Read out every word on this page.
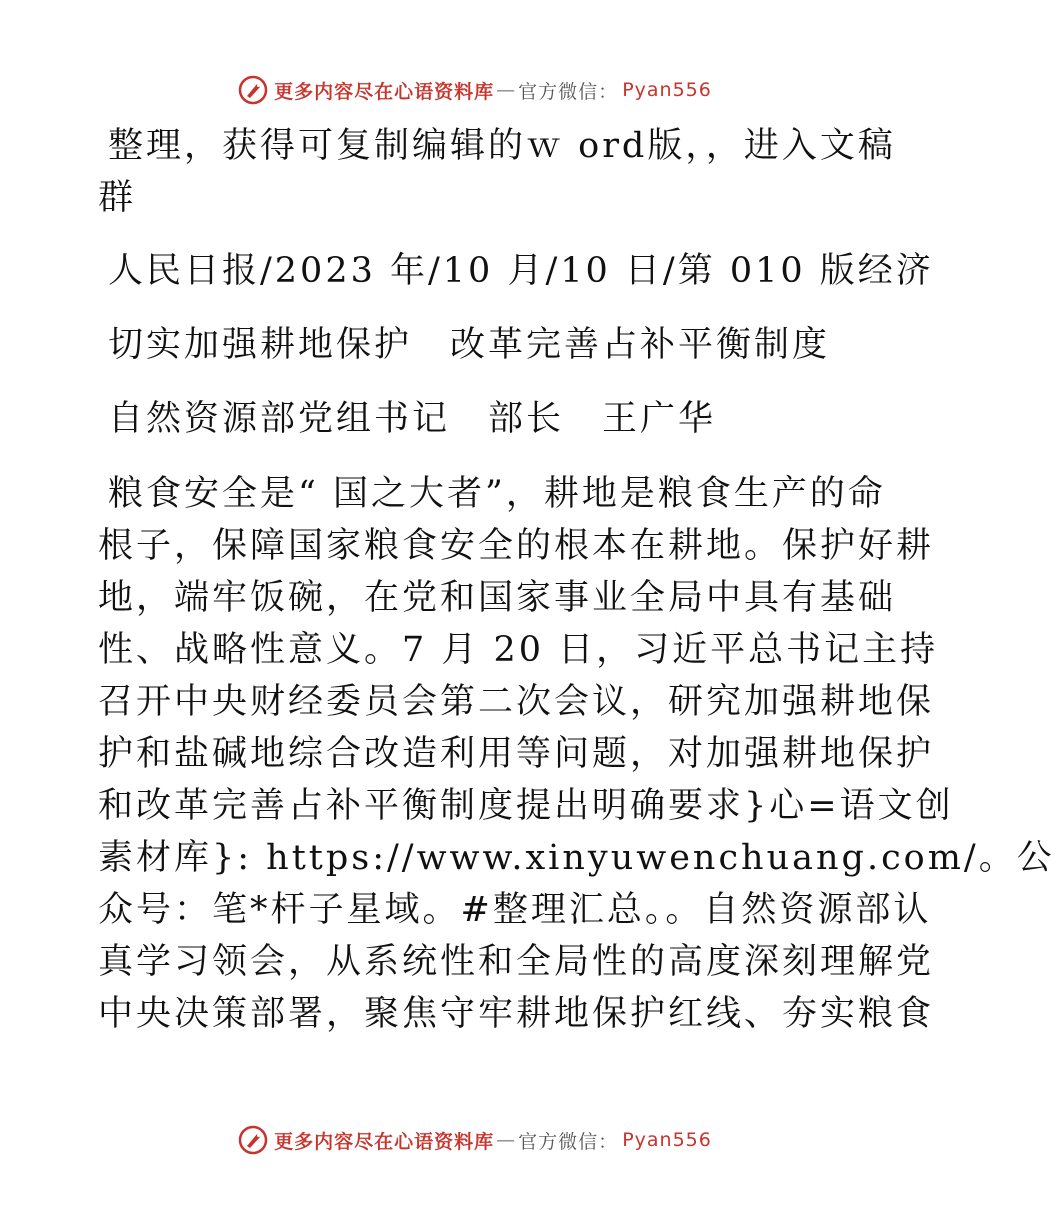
更多内容尽在心语资料库 — 官方微信： Pyan556
整理，获得可复制编辑的ｗ ord版，，进入文稿
群
人民日报/2023 年/10 月/10 日/第 010 版经济
切实加强耕地保护　改革完善占补平衡制度
自然资源部党组书记　部长　王广华
粮食安全是“ 国之大者”，耕地是粮食生产的命
根子，保障国家粮食安全的根本在耕地。保护好耕
地，端牢饭碗，在党和国家事业全局中具有基础
性、战略性意义。7 月 20 日，习近平总书记主持
召开中央财经委员会第二次会议，研究加强耕地保
护和盐碱地综合改造利用等问题，对加强耕地保护
和改革完善占补平衡制度提出明确要求}心=语文创
素材库}: https://www.xinyuwenchuang.com/。公
众号：笔*杆子星域。#整理汇总。。自然资源部认
真学习领会，从系统性和全局性的高度深刻理解党
中央决策部署，聚焦守牢耕地保护红线、夯实粮食
更多内容尽在心语资料库 — 官方微信： Pyan556
